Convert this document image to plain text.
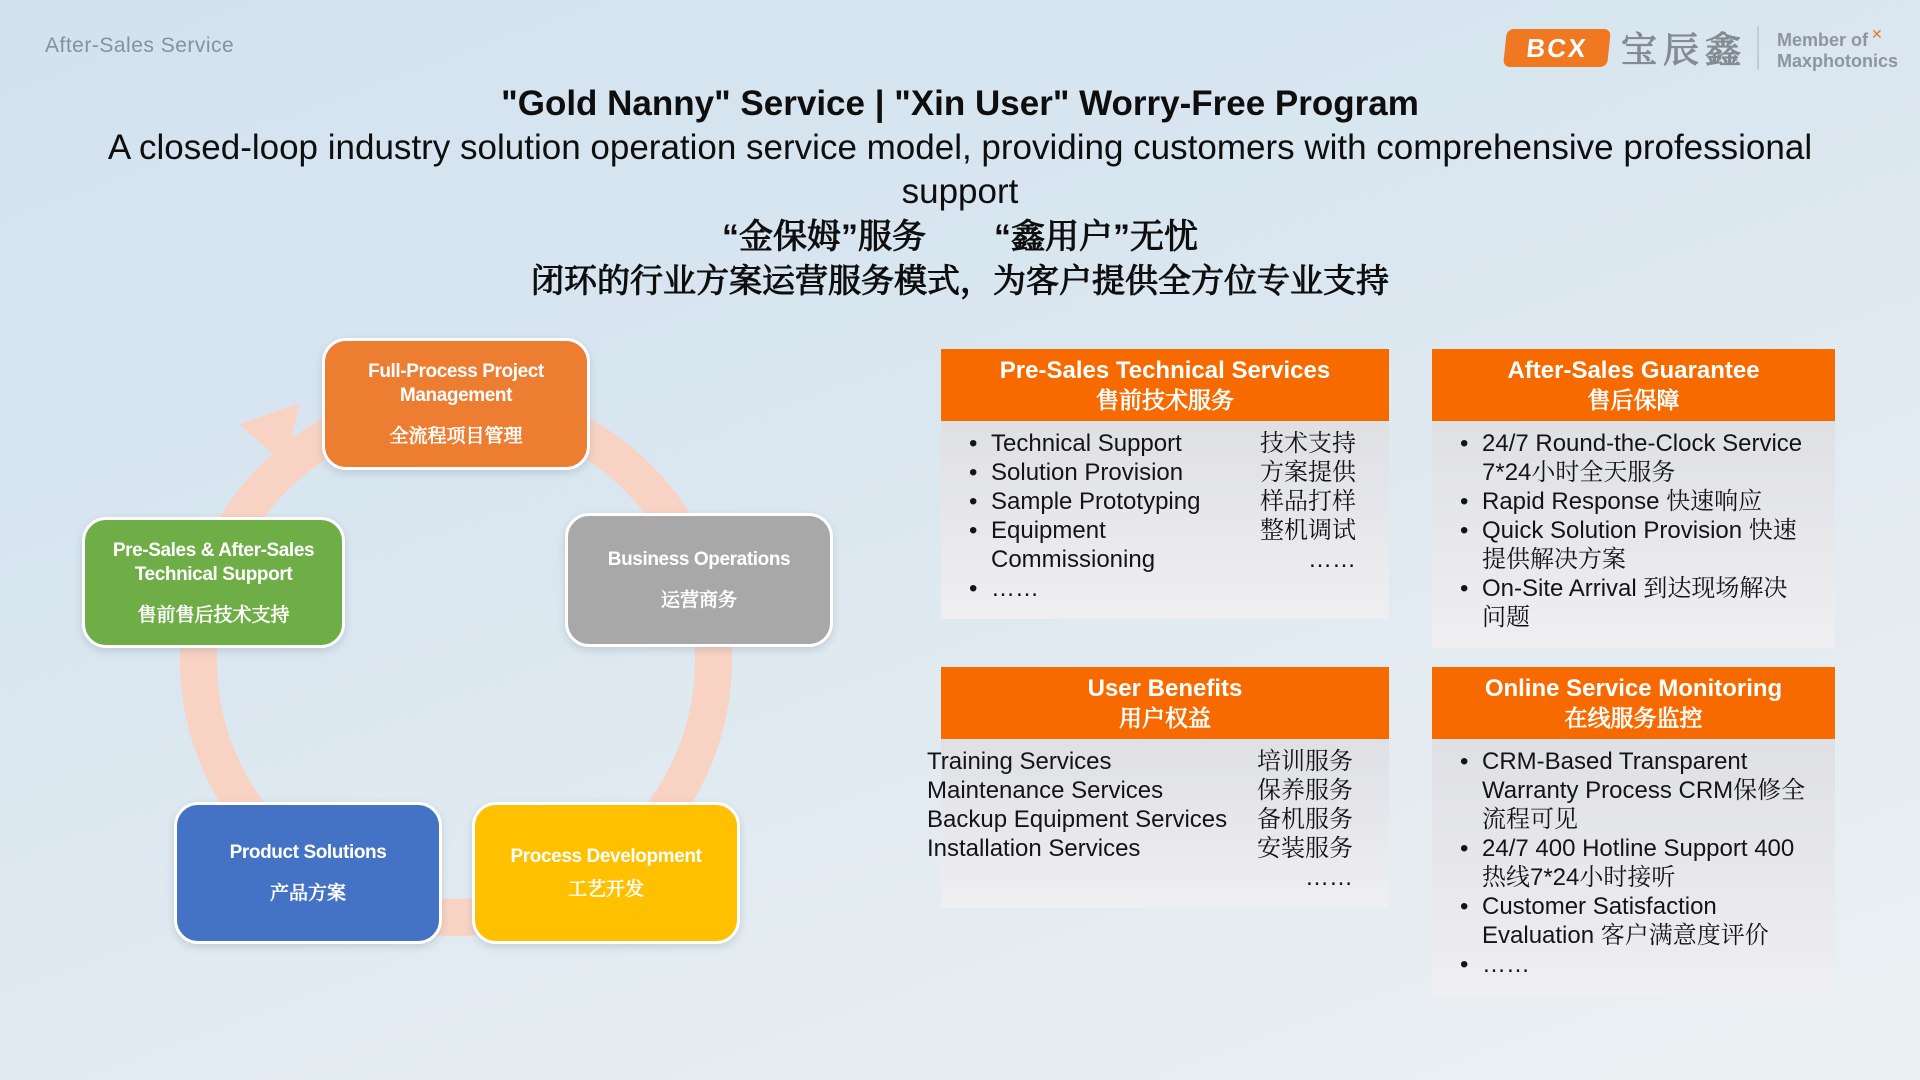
After-Sales Service	BCX 宝辰鑫 Member of ✕
Maxphotonics
"Gold Nanny" Service | "Xin User" Worry-Free Program
A closed-loop industry solution operation service model, providing customers with comprehensive professional support
“金保姆”服务　　“鑫用户”无忧
闭环的行业方案运营服务模式，为客户提供全方位专业支持
Full-Process Project Management
全流程项目管理
Business Operations
运营商务
Pre-Sales & After-Sales Technical Support
售前售后技术支持
Product Solutions
产品方案
Process Development
工艺开发
Pre-Sales Technical Services
售前技术服务
• Technical Support
• Solution Provision
• Sample Prototyping
• Equipment Commissioning
• ……
技术支持
方案提供
样品打样
整机调试
　　……
After-Sales Guarantee
售后保障
• 24/7 Round-the-Clock Service 7*24小时全天服务
• Rapid Response 快速响应
• Quick Solution Provision 快速提供解决方案
• On-Site Arrival 到达现场解决问题
User Benefits
用户权益
Training Services
Maintenance Services
Backup Equipment Services
Installation Services
培训服务
保养服务
备机服务
安装服务
　　……
Online Service Monitoring
在线服务监控
• CRM-Based Transparent Warranty Process CRM保修全流程可见
• 24/7 400 Hotline Support 400热线7*24小时接听
• Customer Satisfaction Evaluation 客户满意度评价
• ……
